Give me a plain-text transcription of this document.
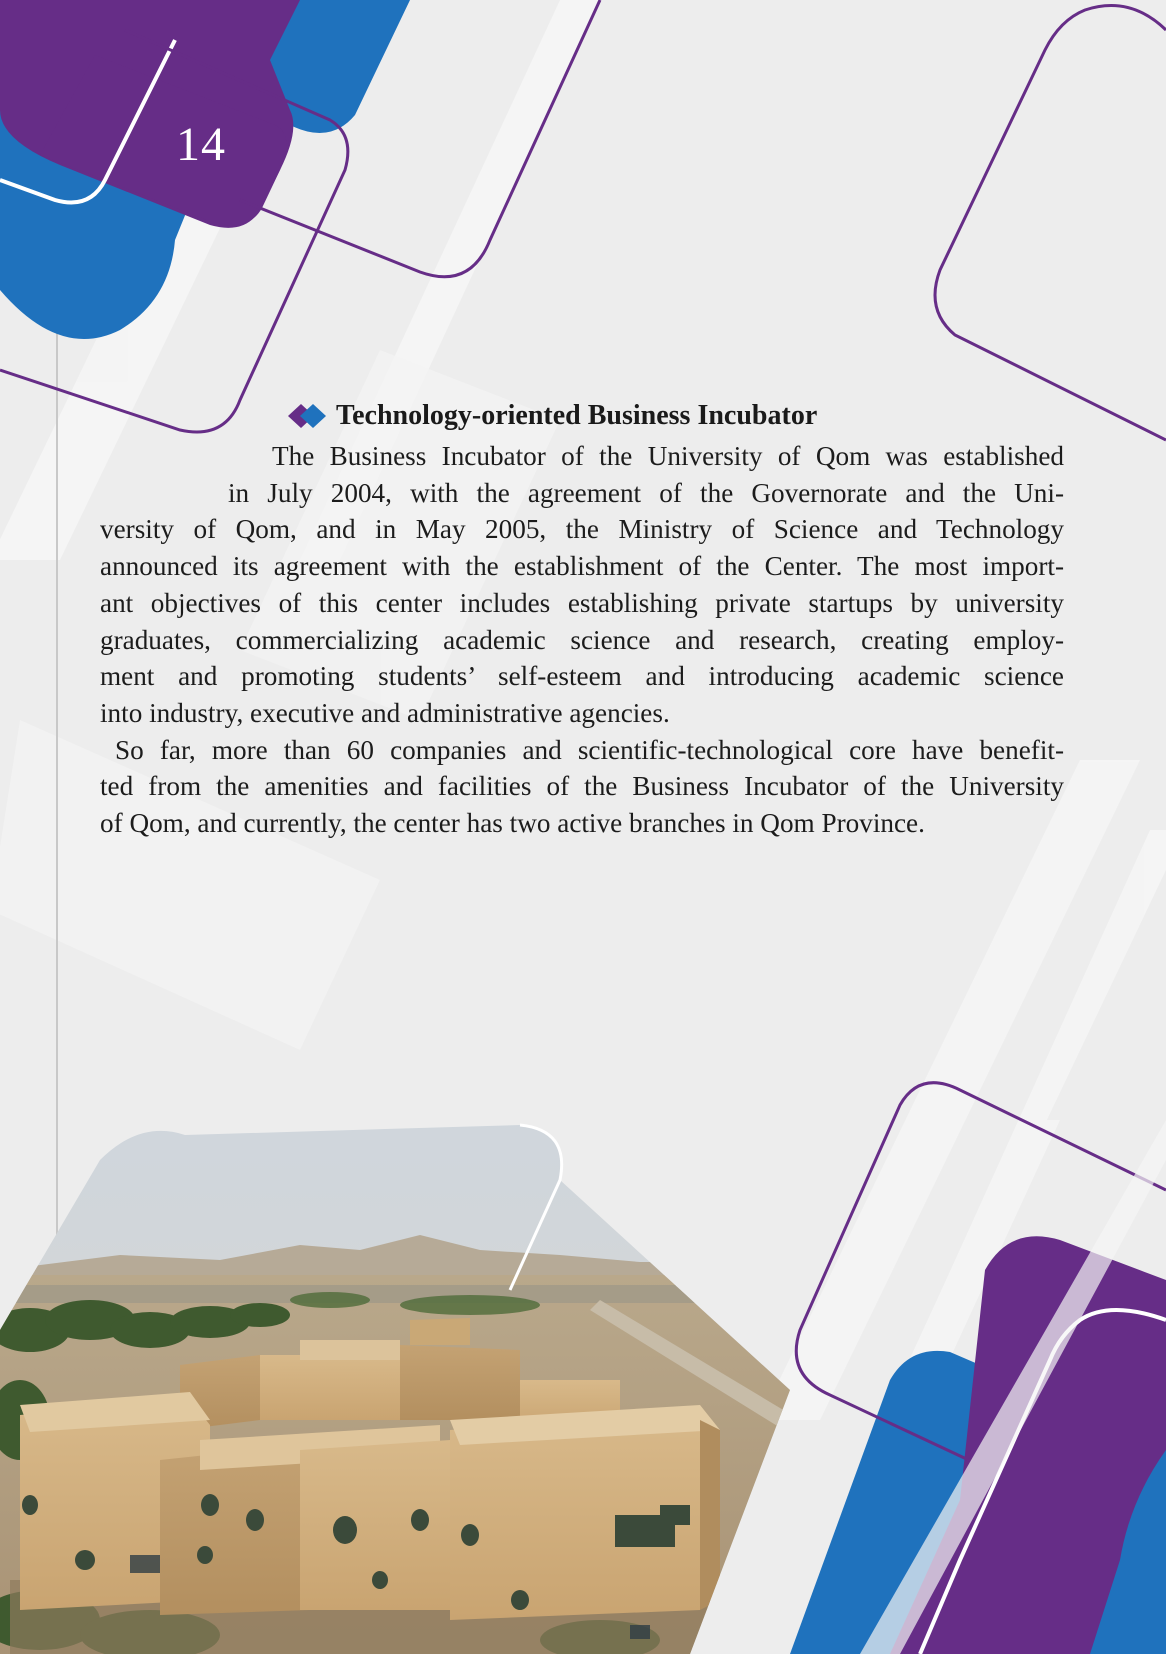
14
Technology-oriented Business Incubator

The Business Incubator of the University of Qom was established
in July 2004, with the agreement of the Governorate and the Uni-
versity of Qom, and in May 2005, the Ministry of Science and Technology
announced its agreement with the establishment of the Center. The most import-
ant objectives of this center includes establishing private startups by university
graduates, commercializing academic science and research, creating employ-
ment and promoting students’ self-esteem and introducing academic science
into industry, executive and administrative agencies.

So far, more than 60 companies and scientific-technological core have benefit-
ted from the amenities and facilities of the Business Incubator of the University
of Qom, and currently, the center has two active branches in Qom Province.
